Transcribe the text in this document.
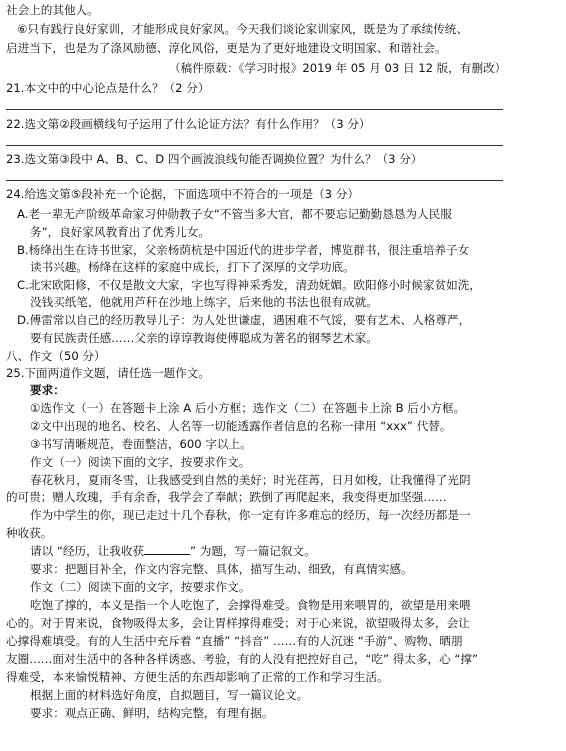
社会上的其他人。
⑥只有践行良好家训，才能形成良好家风。今天我们谈论家训家风，既是为了承续传统、
启进当下，也是为了涤风励德、淳化风俗，更是为了更好地建设文明国家、和谐社会。
（稿件原载：《学习时报》2019 年 05 月 03 日 12 版，有删改）
21.本文中的中心论点是什么？（2 分）
22.选文第②段画横线句子运用了什么论证方法？有什么作用？（3 分）
23.选文第③段中 A、B、C、D 四个画波浪线句能否调换位置？为什么？（3 分）
24.给选文第⑤段补充一个论据，下面选项中不符合的一项是（3 分）
A.老一辈无产阶级革命家习仲勋教子女“不管当多大官，都不要忘记勤勤恳恳为人民服
务”，良好家风教育出了优秀儿女。
B.杨绛出生在诗书世家，父亲杨荫杭是中国近代的进步学者，博览群书，很注重培养子女
读书兴趣。杨绛在这样的家庭中成长，打下了深厚的文学功底。
C.北宋欧阳修，不仅是散文大家，字也写得神采秀发，清劲妩媚。欧阳修小时候家贫如洗，
没钱买纸笔，他就用芦秆在沙地上练字，后来他的书法也很有成就。
D.傅雷常以自己的经历教导儿子：为人处世谦虚，遇困难不气馁，要有艺术、人格尊严，
要有民族责任感……父亲的谆谆教诲使傅聪成为著名的钢琴艺术家。
八、作文（50 分）
25.下面两道作文题，请任选一题作文。
要求：
①选作文（一）在答题卡上涂 A 后小方框；选作文（二）在答题卡上涂 B 后小方框。
②文中出现的地名、校名、人名等一切能透露作者信息的名称一律用 “xxx” 代替。
③书写清晰规范，卷面整洁，600 字以上。
作文（一）阅读下面的文字，按要求作文。
春花秋月，夏雨冬雪，让我感受到自然的美好；时光荏苒，日月如梭，让我懂得了光阴
的可贵；赠人玫瑰，手有余香，我学会了奉献；跌倒了再爬起来，我变得更加坚强……
作为中学生的你，现已走过十几个春秋，你一定有许多难忘的经历，每一次经历都是一
种收获。
请以 “经历，让我收获	” 为题，写一篇记叙文。
要求：把题目补全，作文内容完整、具体，描写生动、细致，有真情实感。
作文（二）阅读下面的文字，按要求作文。
吃饱了撑的，本义是指一个人吃饱了，会撑得难受。食物是用来喂胃的，欲望是用来喂
心的。对于胃来说，食物吸得太多，会让胃样撑得难受；对于心来说，欲望吸得太多，会让
心撑得难填受。有的人生活中充斥着 “直播” “抖音” ……有的人沉迷 “手游”、购物、晒朋
友圈……面对生活中的各种各样诱惑、考验，有的人没有把控好自己，“吃” 得太多，心 “撑”
得难受，本来愉悦精神、方便生活的东西却影响了正常的工作和学习生活。
根据上面的材料选好角度，自拟题目，写一篇议论文。
要求：观点正确、鲜明，结构完整，有理有据。
